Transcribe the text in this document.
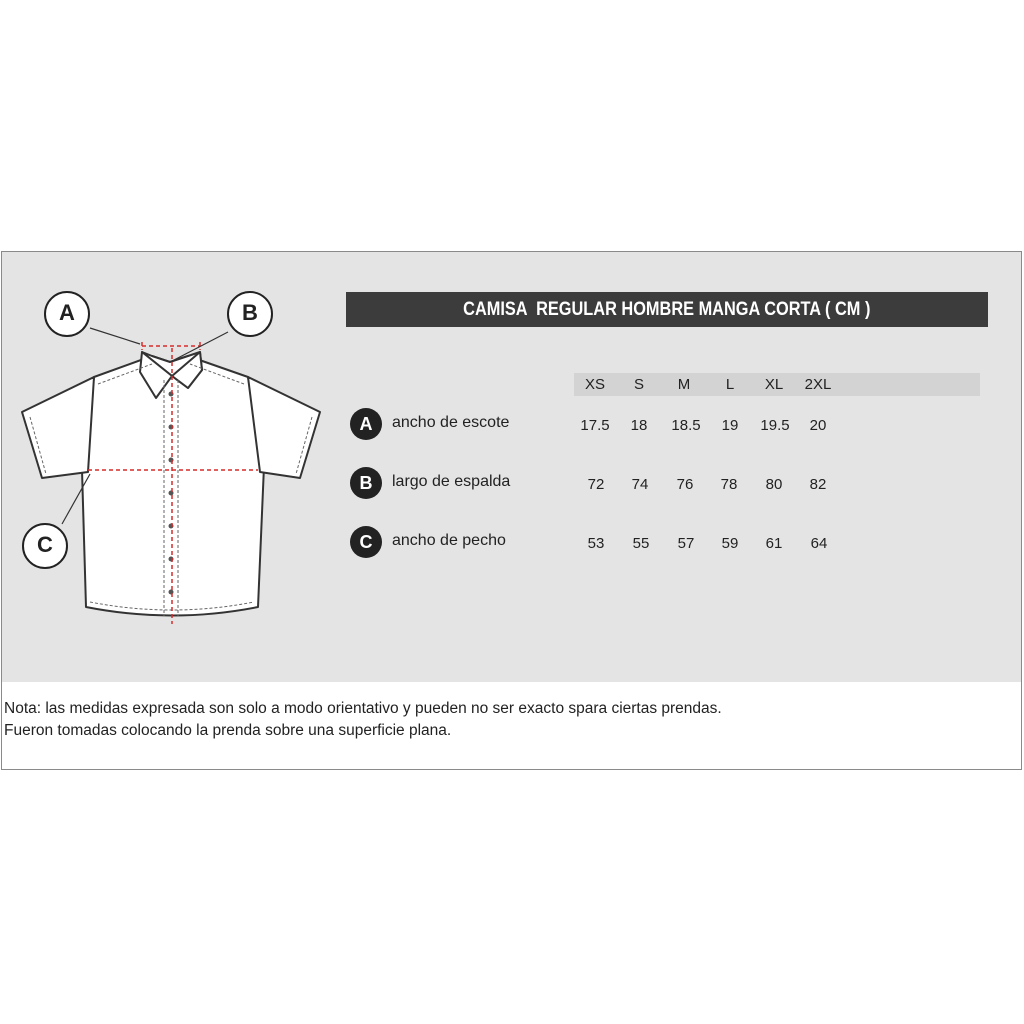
A	B
C
CAMISA  REGULAR HOMBRE MANGA CORTA ( CM )
XS	S	M	L	XL	2XL
A	ancho de escote	17.5	18	18.5	19	19.5	20
B	largo de espalda	72	74	76	78	80	82
C	ancho de pecho	53	55	57	59	61	64
Nota: las medidas expresada son solo a modo orientativo y pueden no ser exacto spara ciertas prendas.
Fueron tomadas colocando la prenda sobre una superficie plana.
